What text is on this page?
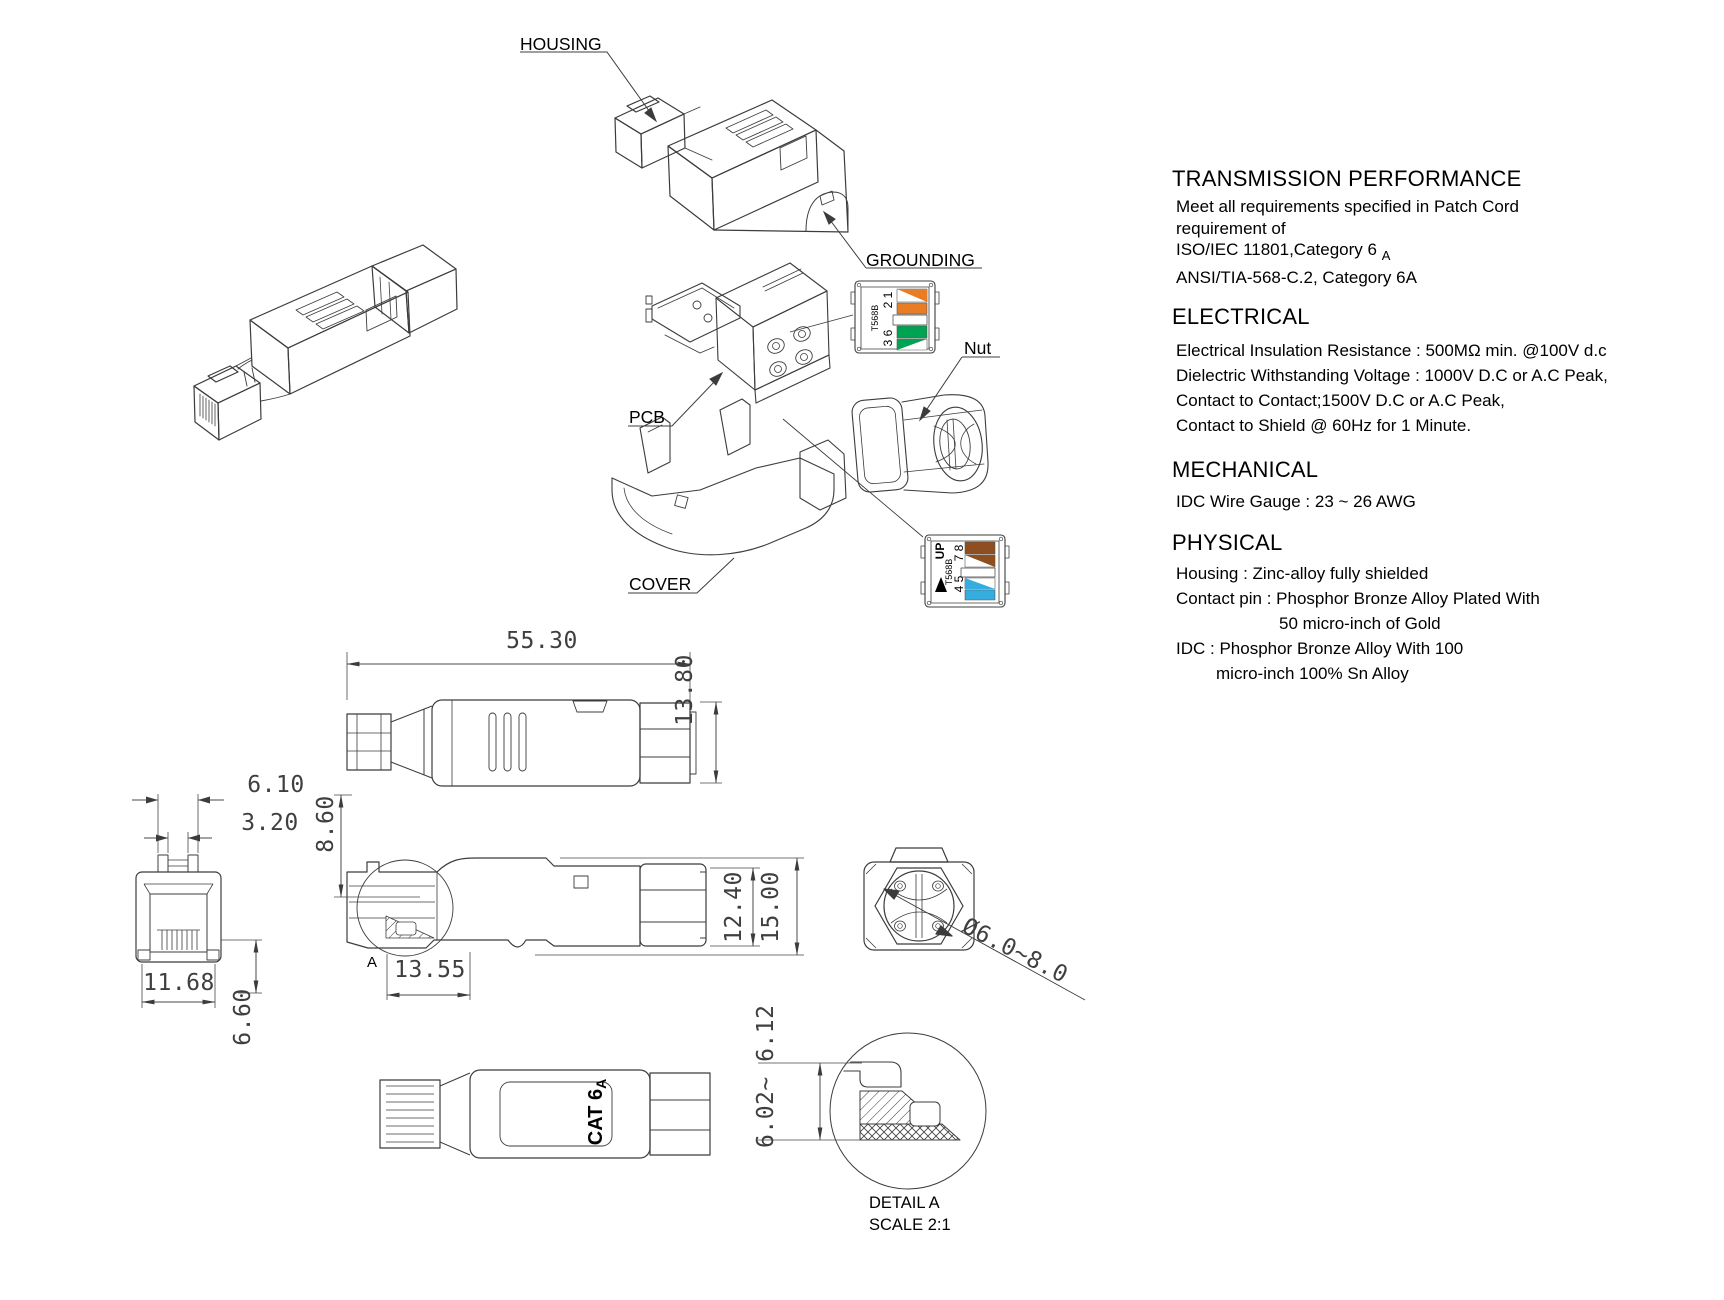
HOUSING
GROUNDING
PCB
COVER
Nut
55.30
13.80
6.10
3.20 8.60
11.68
6.60
12.40 15.00
13.55	Ø6.0~8.0
6.02~ 6.12
A
DETAIL A
SCALE 2:1
CAT $6_A$
T568B
2 1
3 6
UP
T568B
7 8
4 5
TRANSMISSION PERFORMANCE
Meet all requirements specified in Patch Cord
requirement of
ISO/IEC 11801,Category 6 $_A$
ANSI/TIA-568-C.2, Category 6A
ELECTRICAL
Electrical Insulation Resistance : 500MΩ min. @100V d.c
Dielectric Withstanding Voltage : 1000V D.C or A.C Peak,
Contact to Contact;1500V D.C or A.C Peak,
Contact to Shield @ 60Hz for 1 Minute.
MECHANICAL
IDC Wire Gauge : 23 ~ 26 AWG
PHYSICAL
Housing : Zinc-alloy fully shielded
Contact pin : Phosphor Bronze Alloy Plated With
50 micro-inch of Gold
IDC : Phosphor Bronze Alloy With 100
micro-inch 100% Sn Alloy
